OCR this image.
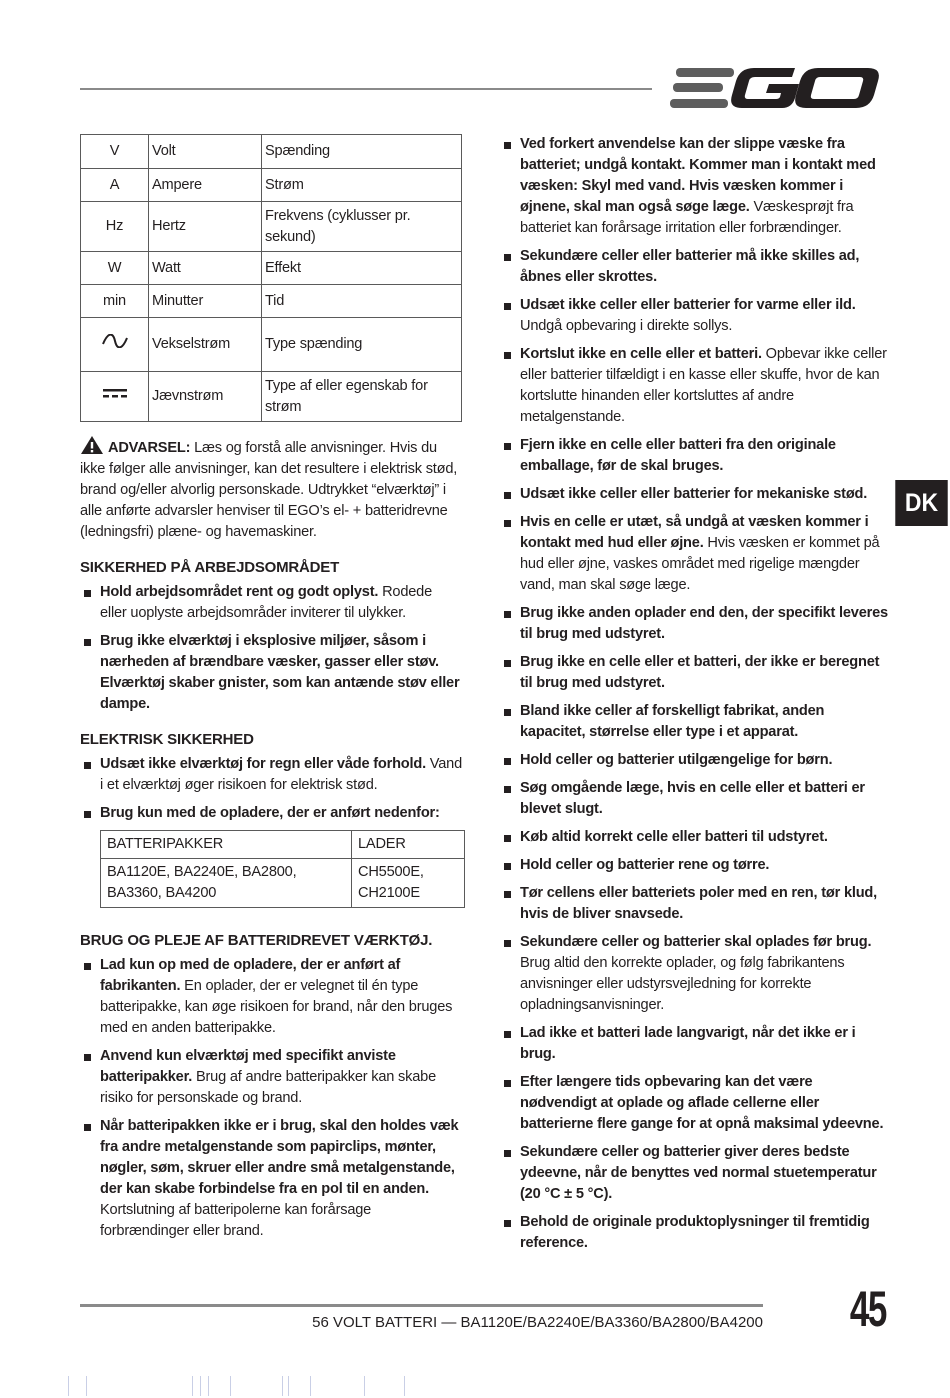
EGO
DK
V	Volt	Spænding
A	Ampere	Strøm
Hz	Hertz	Frekvens (cyklusser pr. sekund)
W	Watt	Effekt
min	Minutter	Tid
	Vekselstrøm	Type spænding
	Jævnstrøm	Type af eller egenskab for strøm
ADVARSEL: Læs og forstå alle anvisninger. Hvis du ikke følger alle anvisninger, kan det resultere i elektrisk stød, brand og/eller alvorlig personskade. Udtrykket “elværktøj” i alle anførte advarsler henviser til EGO’s el- + batteridrevne (ledningsfri) plæne- og havemaskiner.
SIKKERHED PÅ ARBEJDSOMRÅDET
Hold arbejdsområdet rent og godt oplyst. Rodede eller uoplyste arbejdsområder inviterer til ulykker.
Brug ikke elværktøj i eksplosive miljøer, såsom i nærheden af brændbare væsker, gasser eller støv. Elværktøj skaber gnister, som kan antænde støv eller dampe.
ELEKTRISK SIKKERHED
Udsæt ikke elværktøj for regn eller våde forhold. Vand i et elværktøj øger risikoen for elektrisk stød.
Brug kun med de opladere, der er anført nedenfor:
BATTERIPAKKER	LADER
BA1120E, BA2240E, BA2800, BA3360, BA4200	CH5500E, CH2100E
BRUG OG PLEJE AF BATTERIDREVET VÆRKTØJ.
Lad kun op med de opladere, der er anført af fabrikanten. En oplader, der er velegnet til én type batteripakke, kan øge risikoen for brand, når den bruges med en anden batteripakke.
Anvend kun elværktøj med specifikt anviste batteripakker. Brug af andre batteripakker kan skabe risiko for personskade og brand.
Når batteripakken ikke er i brug, skal den holdes væk fra andre metalgenstande som papirclips, mønter, nøgler, søm, skruer eller andre små metalgenstande, der kan skabe forbindelse fra en pol til en anden. Kortslutning af batteripolerne kan forårsage forbrændinger eller brand.
Ved forkert anvendelse kan der slippe væske fra batteriet; undgå kontakt. Kommer man i kontakt med væsken: Skyl med vand. Hvis væsken kommer i øjnene, skal man også søge læge. Væskesprøjt fra batteriet kan forårsage irritation eller forbrændinger.
Sekundære celler eller batterier må ikke skilles ad, åbnes eller skrottes.
Udsæt ikke celler eller batterier for varme eller ild. Undgå opbevaring i direkte sollys.
Kortslut ikke en celle eller et batteri. Opbevar ikke celler eller batterier tilfældigt i en kasse eller skuffe, hvor de kan kortslutte hinanden eller kortsluttes af andre metalgenstande.
Fjern ikke en celle eller batteri fra den originale emballage, før de skal bruges.
Udsæt ikke celler eller batterier for mekaniske stød.
Hvis en celle er utæt, så undgå at væsken kommer i kontakt med hud eller øjne. Hvis væsken er kommet på hud eller øjne, vaskes området med rigelige mængder vand, man skal søge læge.
Brug ikke anden oplader end den, der specifikt leveres til brug med udstyret.
Brug ikke en celle eller et batteri, der ikke er beregnet til brug med udstyret.
Bland ikke celler af forskelligt fabrikat, anden kapacitet, størrelse eller type i et apparat.
Hold celler og batterier utilgængelige for børn.
Søg omgående læge, hvis en celle eller et batteri er blevet slugt.
Køb altid korrekt celle eller batteri til udstyret.
Hold celler og batterier rene og tørre.
Tør cellens eller batteriets poler med en ren, tør klud, hvis de bliver snavsede.
Sekundære celler og batterier skal oplades før brug. Brug altid den korrekte oplader, og følg fabrikantens anvisninger eller udstyrsvejledning for korrekte opladningsanvisninger.
Lad ikke et batteri lade langvarigt, når det ikke er i brug.
Efter længere tids opbevaring kan det være nødvendigt at oplade og aflade cellerne eller batterierne flere gange for at opnå maksimal ydeevne.
Sekundære celler og batterier giver deres bedste ydeevne, når de benyttes ved normal stuetemperatur (20 °C ± 5 °C).
Behold de originale produktoplysninger til fremtidig reference.
56 VOLT BATTERI — BA1120E/BA2240E/BA3360/BA2800/BA4200 45
